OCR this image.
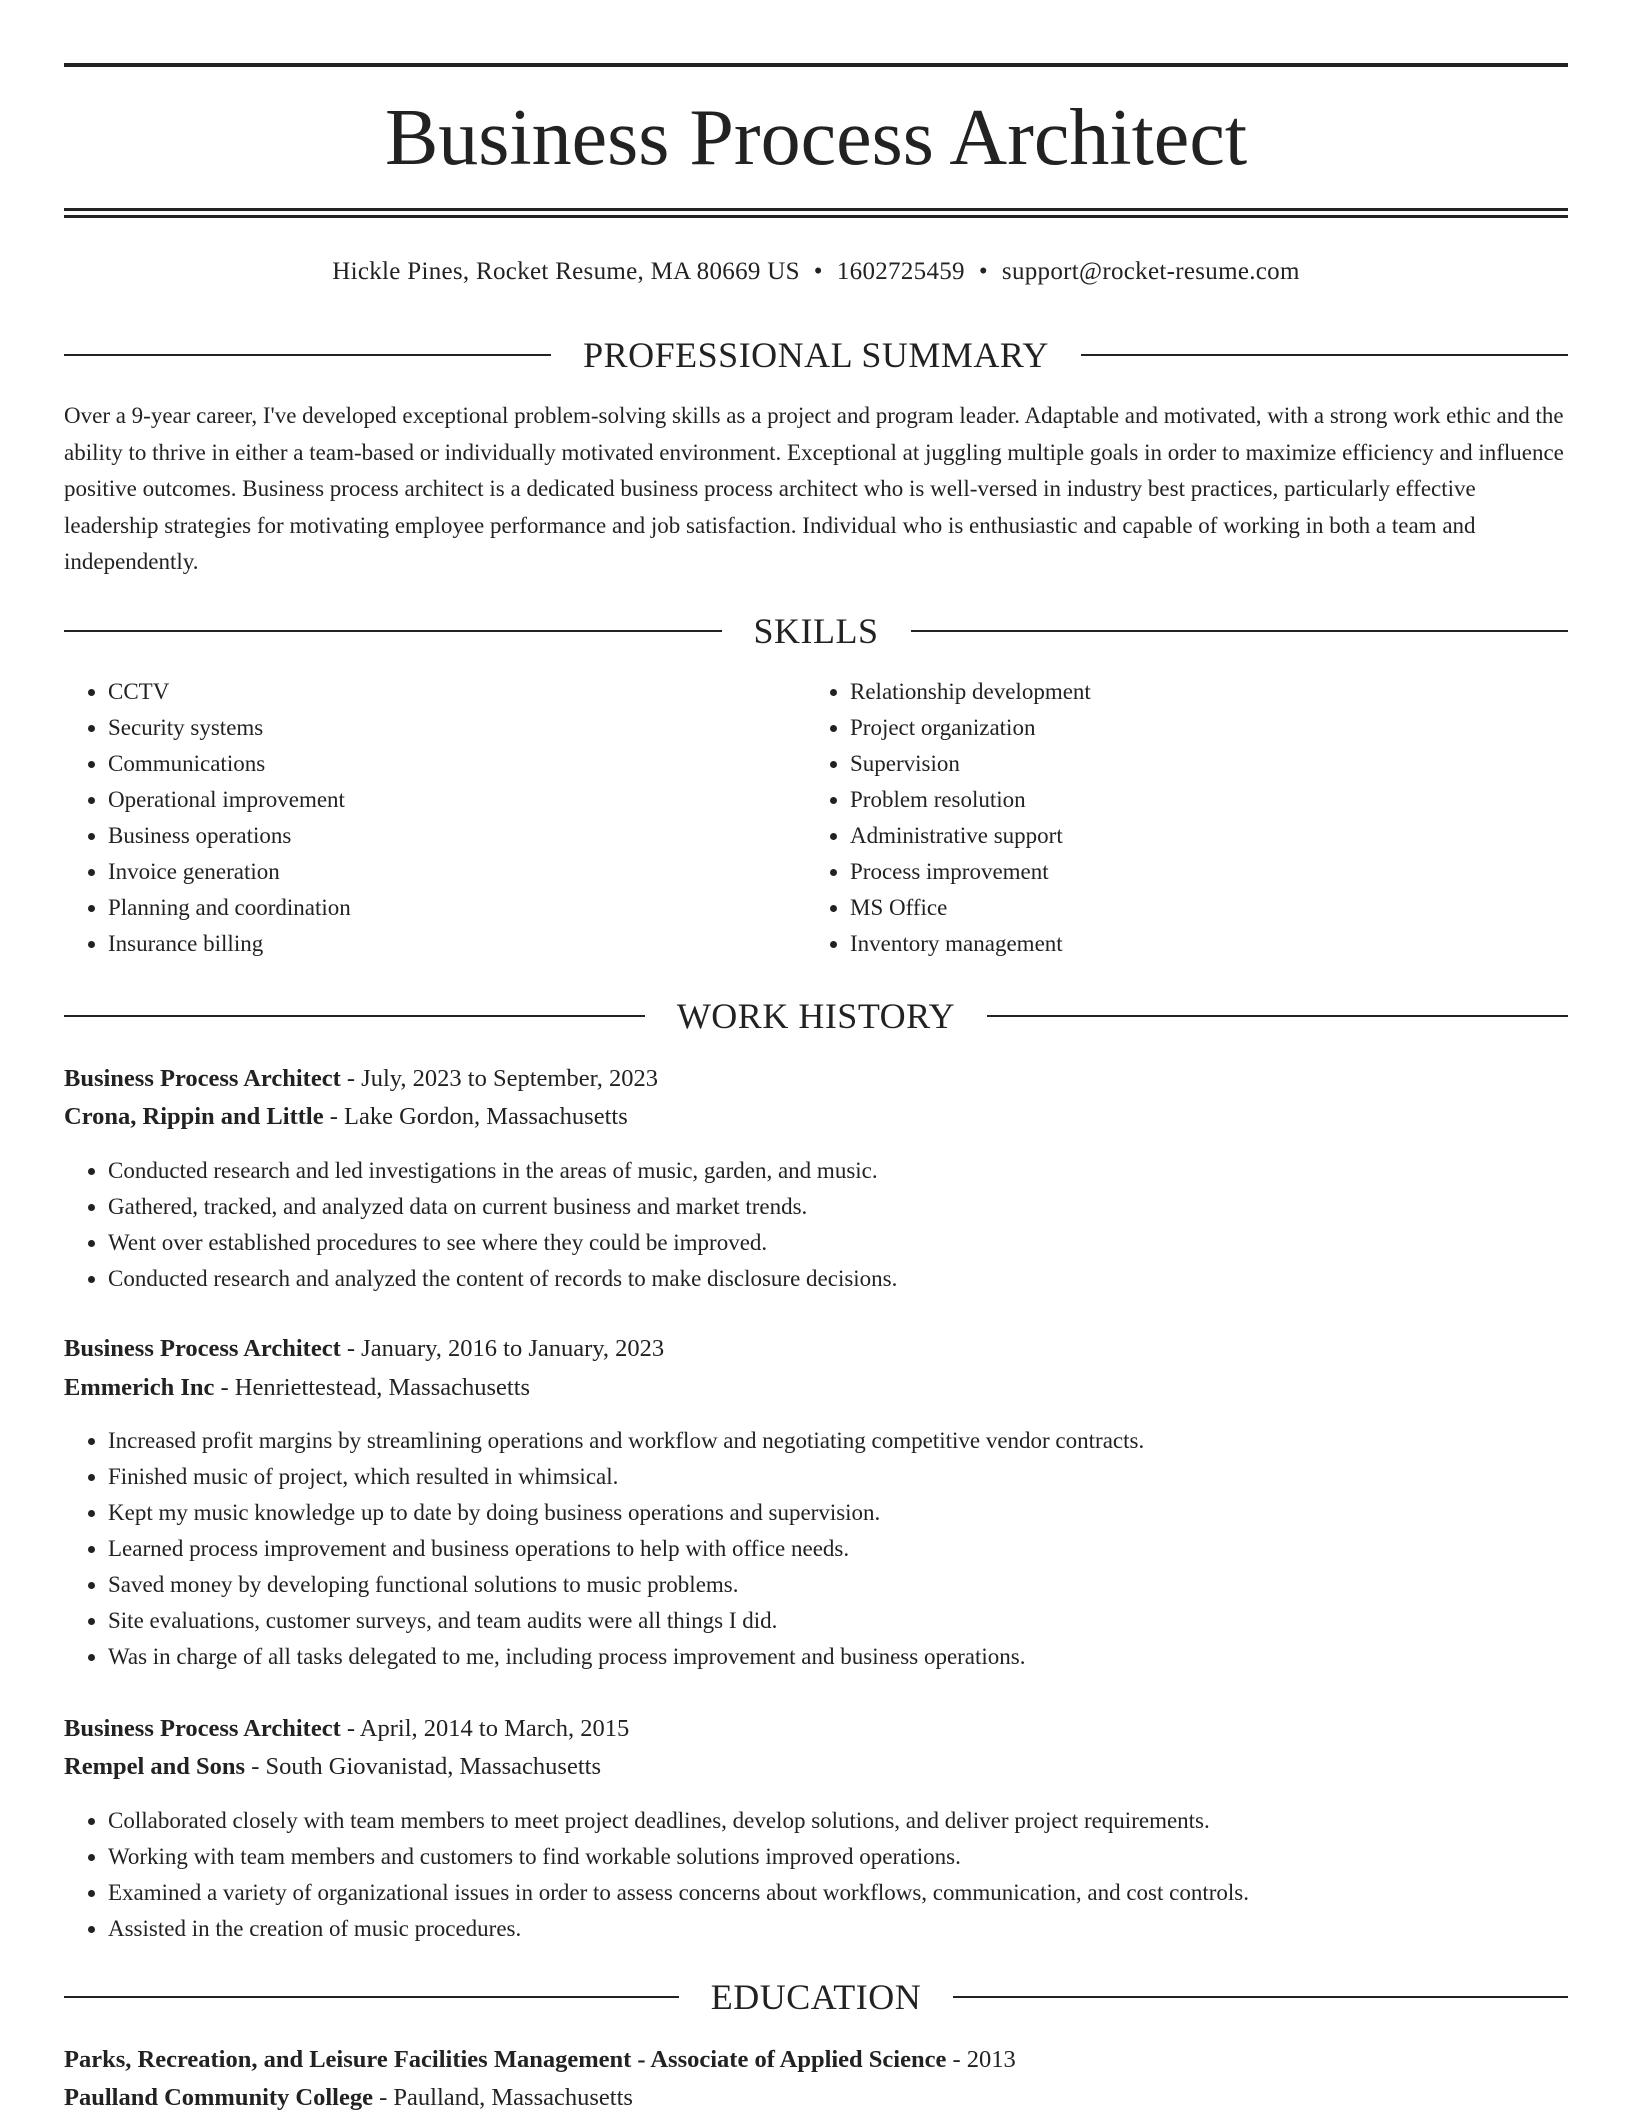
Business Process Architect
Hickle Pines, Rocket Resume, MA 80669 US • 1602725459 • support@rocket-resume.com
PROFESSIONAL SUMMARY

Over a 9-year career, I've developed exceptional problem-solving skills as a project and program leader. Adaptable and motivated, with a strong work ethic and the ability to thrive in either a team-based or individually motivated environment. Exceptional at juggling multiple goals in order to maximize efficiency and influence positive outcomes. Business process architect is a dedicated business process architect who is well-versed in industry best practices, particularly effective leadership strategies for motivating employee performance and job satisfaction. Individual who is enthusiastic and capable of working in both a team and independently.

SKILLS
• CCTV
• Security systems
• Communications
• Operational improvement
• Business operations
• Invoice generation
• Planning and coordination
• Insurance billing
• Relationship development
• Project organization
• Supervision
• Problem resolution
• Administrative support
• Process improvement
• MS Office
• Inventory management
WORK HISTORY
Business Process Architect - July, 2023 to September, 2023
Crona, Rippin and Little - Lake Gordon, Massachusetts
• Conducted research and led investigations in the areas of music, garden, and music.
• Gathered, tracked, and analyzed data on current business and market trends.
• Went over established procedures to see where they could be improved.
• Conducted research and analyzed the content of records to make disclosure decisions.
Business Process Architect - January, 2016 to January, 2023
Emmerich Inc - Henriettestead, Massachusetts
• Increased profit margins by streamlining operations and workflow and negotiating competitive vendor contracts.
• Finished music of project, which resulted in whimsical.
• Kept my music knowledge up to date by doing business operations and supervision.
• Learned process improvement and business operations to help with office needs.
• Saved money by developing functional solutions to music problems.
• Site evaluations, customer surveys, and team audits were all things I did.
• Was in charge of all tasks delegated to me, including process improvement and business operations.
Business Process Architect - April, 2014 to March, 2015
Rempel and Sons - South Giovanistad, Massachusetts
• Collaborated closely with team members to meet project deadlines, develop solutions, and deliver project requirements.
• Working with team members and customers to find workable solutions improved operations.
• Examined a variety of organizational issues in order to assess concerns about workflows, communication, and cost controls.
• Assisted in the creation of music procedures.
EDUCATION
Parks, Recreation, and Leisure Facilities Management - Associate of Applied Science - 2013
Paulland Community College - Paulland, Massachusetts
